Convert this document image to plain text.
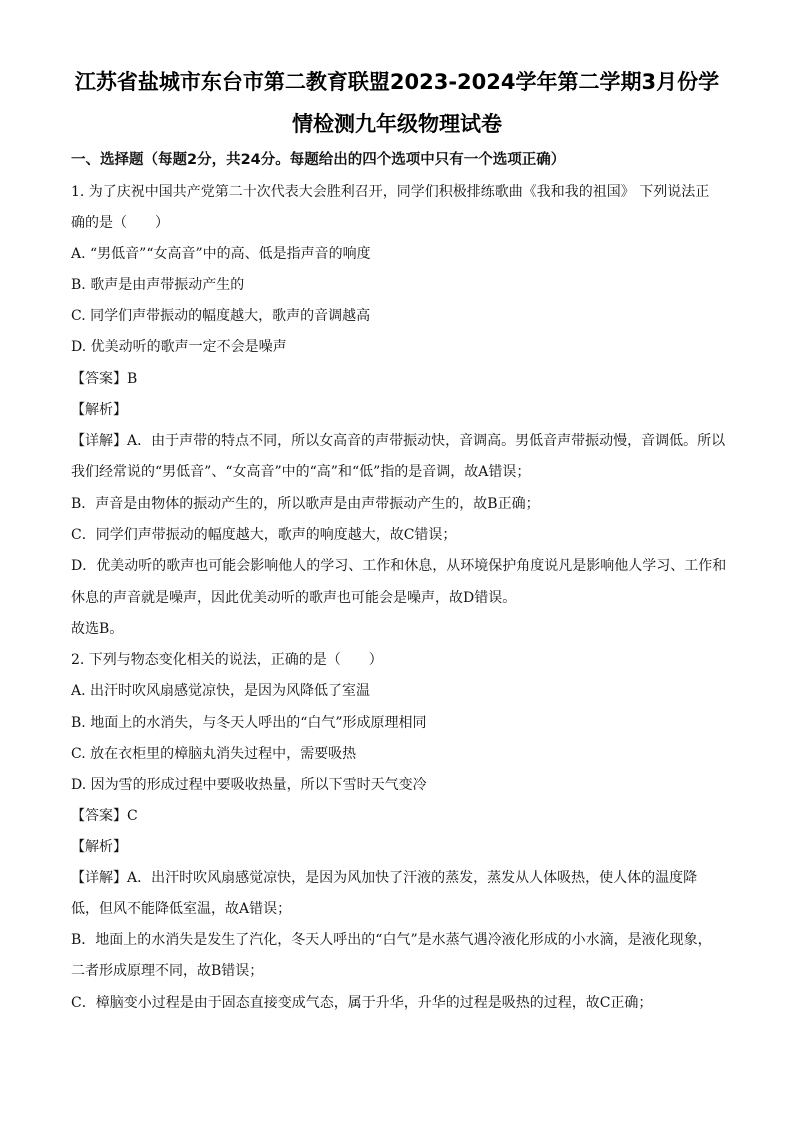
江苏省盐城市东台市第二教育联盟2023-2024学年第二学期3月份学
情检测九年级物理试卷
一、选择题（每题2分，共24分。每题给出的四个选项中只有一个选项正确）
1. 为了庆祝中国共产党第二十次代表大会胜利召开，同学们积极排练歌曲《我和我的祖国》 下列说法正
确的是（　　）
A. “男低音”“女高音”中的高、低是指声音的响度
B. 歌声是由声带振动产生的
C. 同学们声带振动的幅度越大，歌声的音调越高
D. 优美动听的歌声一定不会是噪声
【答案】B
【解析】
【详解】A．由于声带的特点不同，所以女高音的声带振动快，音调高。男低音声带振动慢，音调低。所以
我们经常说的“男低音”、“女高音”中的“高”和“低”指的是音调，故A错误；
B．声音是由物体的振动产生的，所以歌声是由声带振动产生的，故B正确；
C．同学们声带振动的幅度越大，歌声的响度越大，故C错误；
D．优美动听的歌声也可能会影响他人的学习、工作和休息，从环境保护角度说凡是影响他人学习、工作和
休息的声音就是噪声，因此优美动听的歌声也可能会是噪声，故D错误。
故选B。
2. 下列与物态变化相关的说法，正确的是（　　）
A. 出汗时吹风扇感觉凉快，是因为风降低了室温
B. 地面上的水消失，与冬天人呼出的“白气”形成原理相同
C. 放在衣柜里的樟脑丸消失过程中，需要吸热
D. 因为雪的形成过程中要吸收热量，所以下雪时天气变冷
【答案】C
【解析】
【详解】A．出汗时吹风扇感觉凉快，是因为风加快了汗液的蒸发，蒸发从人体吸热，使人体的温度降
低，但风不能降低室温，故A错误；
B．地面上的水消失是发生了汽化，冬天人呼出的“白气”是水蒸气遇冷液化形成的小水滴，是液化现象，
二者形成原理不同，故B错误；
C．樟脑变小过程是由于固态直接变成气态，属于升华，升华的过程是吸热的过程，故C正确；
